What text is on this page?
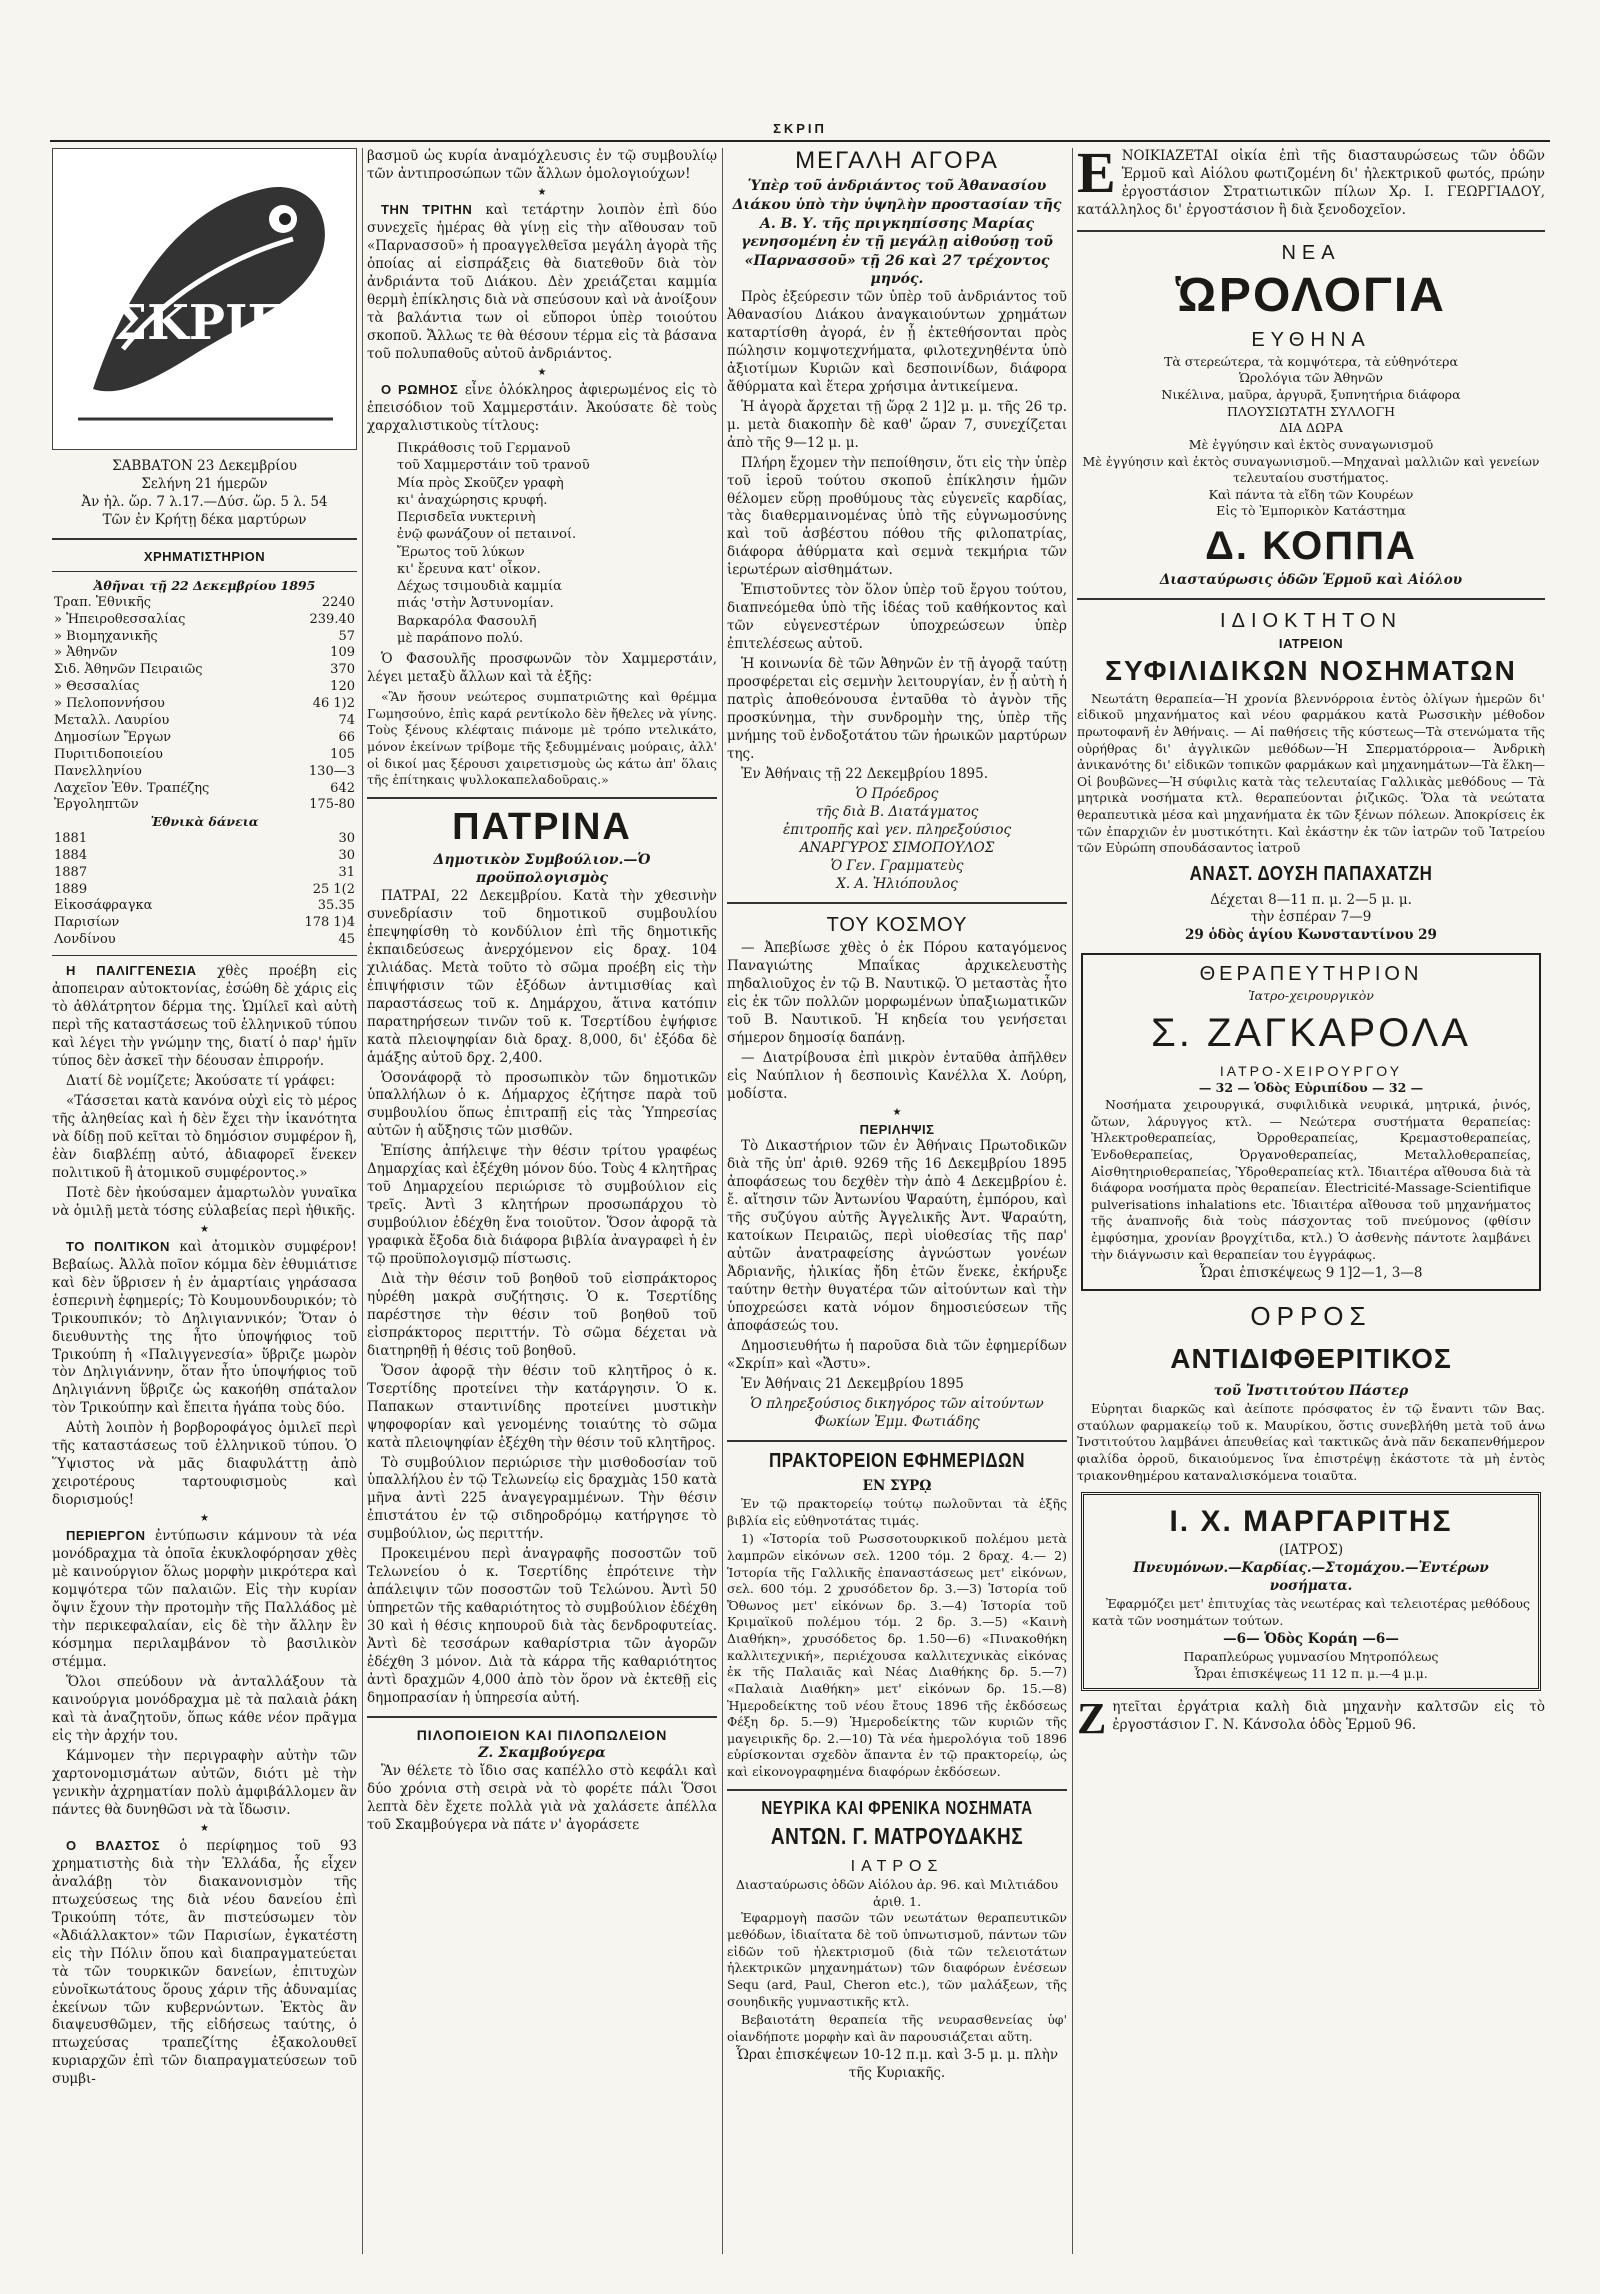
ΣΚΡΙΠ
ΣΚΡΙΠ
ΣΑΒΒΑΤΟΝ 23 Δεκεμβρίου
Σελήνη 21 ήμερῶν
Ἀν ἡλ. ὥρ. 7 λ.17.—Δύσ. ὥρ. 5 λ. 54
Τῶν ἐν Κρήτῃ δέκα μαρτύρων
ΧΡΗΜΑΤΙΣΤΗΡΙΟΝ
Ἀθῆναι τῇ 22 Δεκεμβρίου 1895
Τραπ. Ἐθνικῆς	2240
» Ἠπειροθεσσαλίας	239.40
» Βιομηχανικῆς	57
» Ἀθηνῶν	109
Σιδ. Ἀθηνῶν Πειραιῶς	370
» Θεσσαλίας	120
» Πελοποννήσου	46 1)2
Μεταλλ. Λαυρίου	74
Δημοσίων Ἔργων	66
Πυριτιδοποιείου	105
Πανελληνίου	130—3
Λαχεῖον Ἐθν. Τραπέζης	642
Ἐργοληπτῶν	175-80
Ἐθνικὰ δάνεια
1881	30
1884	30
1887	31
1889	25 1(2
Εἰκοσάφραγκα	35.35
Παρισίων	178 1)4
Λονδίνου	45

Η ΠΑΛΙΓΓΕΝΕΣΙΑ χθὲς προέβη εἰς ἀποπειραν αὐτοκτονίας, ἐσώθη δὲ χάρις εἰς τὸ ἀθλάτρητον δέρμα της. Ὡμίλεῖ καὶ αὐτὴ περὶ τῆς καταστάσεως τοῦ ἑλληνικοῦ τύπου καὶ λέγει τὴν γνώμην της, διατί ὁ παρ' ἡμῖν τύπος δὲν ἀσκεῖ τὴν δέουσαν ἐπιρροήν.

Διατί δὲ νομίζετε; Ἀκούσατε τί γράφει:

«Τάσσεται κατὰ κανόνα οὐχὶ εἰς τὸ μέρος τῆς ἀληθείας καὶ ἡ δὲν ἔχει τὴν ἱκανότητα νὰ δίδῃ ποῦ κεῖται τὸ δημόσιον συμφέρον ἢ, ἐὰν διαβλέπῃ αὐτό, ἀδιαφορεῖ ἕνεκεν πολιτικοῦ ἢ ἀτομικοῦ συμφέροντος.»

Ποτὲ δὲν ἠκούσαμεν ἀμαρτωλὸν γυναῖκα νὰ ὁμιλῇ μετὰ τόσης εὐλαβείας περὶ ἠθικῆς.

★

ΤΟ ΠΟΛΙΤΙΚΟΝ καὶ ἀτομικὸν συμφέρον! Βεβαίως. Ἀλλὰ ποῖον κόμμα δὲν ἐθυμιάτισε καὶ δὲν ὕβρισεν ἡ ἐν ἁμαρτίαις γηράσασα ἑσπερινὴ ἐφημερίς; Τὸ Κουμουνδουρικόν; τὸ Τρικουπικόν; τὸ Δηλιγιαννικόν; Ὅταν ὁ διευθυντὴς της ἦτο ὑποψήφιος τοῦ Τρικούπη ἡ «Παλιγγενεσία» ὕβριζε μωρὸν τὸν Δηλιγιάννην, ὅταν ἦτο ὑποψήφιος τοῦ Δηλιγιάννη ὕβριζε ὡς κακοήθη σπάταλον τὸν Τρικούπην καὶ ἔπειτα ἠγάπα τοὺς δύο.

Αὐτὴ λοιπὸν ἡ βορβοροφάγος ὁμιλεῖ περὶ τῆς καταστάσεως τοῦ ἑλληνικοῦ τύπου. Ὁ Ὕψιστος νὰ μᾶς διαφυλάττῃ ἀπὸ χειροτέρους ταρτουφισμοὺς καὶ διορισμούς!

★

ΠΕΡΙΕΡΓΟΝ ἐντύπωσιν κάμνουν τὰ νέα μονόδραχμα τὰ ὁποῖα ἐκυκλοφόρησαν χθὲς μὲ καινούργιον ὅλως μορφὴν μικρότερα καὶ κομψότερα τῶν παλαιῶν. Εἰς τὴν κυρίαν ὄψιν ἔχουν τὴν προτομὴν τῆς Παλλάδος μὲ τὴν περικεφαλαίαν, εἰς δὲ τὴν ἄλλην ἓν κόσμημα περιλαμβάνον τὸ βασιλικὸν στέμμα.

Ὅλοι σπεύδουν νὰ ἀνταλλάξουν τὰ καινούργια μονόδραχμα μὲ τὰ παλαιὰ ῥάκη καὶ τὰ ἀναζητοῦν, ὅπως κάθε νέον πρᾶγμα εἰς τὴν ἀρχήν του.

Κάμνομεν τὴν περιγραφὴν αὐτὴν τῶν χαρτονομισμάτων αὐτῶν, διότι μὲ τὴν γενικὴν ἀχρηματίαν πολὺ ἀμφιβάλλομεν ἂν πάντες θὰ δυνηθῶσι νὰ τὰ ἴδωσιν.

★

Ο ΒΛΑΣΤΟΣ ὁ περίφημος τοῦ 93 χρηματιστὴς διὰ τὴν Ἑλλάδα, ἧς εἶχεν ἀναλάβῃ τὸν διακανονισμὸν τῆς πτωχεύσεως της διὰ νέου δανείου ἐπὶ Τρικούπη τότε, ἂν πιστεύσωμεν τὸν «Ἀδιάλλακτον» τῶν Παρισίων, ἐγκατέστη εἰς τὴν Πόλιν ὅπου καὶ διαπραγματεύεται τὰ τῶν τουρκικῶν δανείων, ἐπιτυχὼν εὐνοῖκωτάτους ὅρους χάριν τῆς ἀδυναμίας ἐκείνων τῶν κυβερνώντων. Ἐκτὸς ἂν διαψευσθῶμεν, τῆς εἰδήσεως ταύτης, ὁ πτωχεύσας τραπεζίτης ἐξακολουθεῖ κυριαρχῶν ἐπὶ τῶν διαπραγματεύσεων τοῦ συμβι-

βασμοῦ ὡς κυρία ἀναμόχλευσις ἐν τῷ συμβουλίῳ τῶν ἀντιπροσώπων τῶν ἄλλων ὁμολογιούχων!

★

ΤΗΝ ΤΡΙΤΗΝ καὶ τετάρτην λοιπὸν ἐπὶ δύο συνεχεῖς ἡμέρας θὰ γίνῃ εἰς τὴν αἴθουσαν τοῦ «Παρνασσοῦ» ἡ προαγγελθεῖσα μεγάλη ἀγορὰ τῆς ὁποίας αἱ εἰσπράξεις θὰ διατεθοῦν διὰ τὸν ἀνδριάντα τοῦ Διάκου. Δὲν χρειάζεται καμμία θερμὴ ἐπίκλησις διὰ νὰ σπεύσουν καὶ νὰ ἀνοίξουν τὰ βαλάντια των οἱ εὔποροι ὑπὲρ τοιούτου σκοποῦ. Ἄλλως τε θὰ θέσουν τέρμα εἰς τὰ βάσανα τοῦ πολυπαθοῦς αὐτοῦ ἀνδριάντος.

★

Ο ΡΩΜΗΟΣ εἶνε ὁλόκληρος ἀφιερωμένος εἰς τὸ ἐπεισόδιον τοῦ Χαμμερστάιν. Ἀκούσατε δὲ τοὺς χαρχαλιστικοὺς τίτλους:

Πικράθοσις τοῦ Γερμανοῦ
τοῦ Χαμμερστάιν τοῦ τρανοῦ
Μία πρὸς Σκοῦζεν γραφὴ
κι' ἀναχώρησις κρυφή.
Περισδεῖα νυκτερινὴ
ἐνῷ φωνάζουν οἱ πεταινοί.
Ἔρωτος τοῦ λύκων
κι' ἔρευνα κατ' οἶκον.
Δέχως τσιμουδιὰ καμμία
πιάς 'στὴν Ἀστυνομίαν.
Βαρκαρόλα Φασουλῆ
μὲ παράπονο πολύ.

Ὁ Φασουλῆς προσφωνῶν τὸν Χαμμερστάιν, λέγει μεταξὺ ἄλλων καὶ τὰ ἑξῆς:

«Ἂν ἤσουν νεώτερος συμπατριῶτης καὶ θρέμμα Γωμησούνο, ἐπὶς καρά ρεντίκολο δὲν ἤθελες νὰ γίνης. Τοὺς ξένους κλέφταις πιάνομε μὲ τρόπο ντελικάτο, μόνον ἐκείνων τρίβομε τῆς ξεδυμμέναις μούραις, ἀλλ' οἱ δικοί μας ξέρουσι χαιρετισμοὺς ὡς κάτω ἀπ' ὅλαις τῆς ἐπίτηκαις ψυλλοκαπελαδοῦραις.»

ΠΑΤΡΙΝΑ
Δημοτικὸν Συμβούλιον.—Ὁ προϋπολογισμὸς

ΠΑΤΡΑΙ, 22 Δεκεμβρίου. Κατὰ τὴν χθεσινὴν συνεδρίασιν τοῦ δημοτικοῦ συμβουλίου ἐπεψηφίσθη τὸ κονδύλιον ἐπὶ τῆς δημοτικῆς ἐκπαιδεύσεως ἀνερχόμενον εἰς δραχ. 104 χιλιάδας. Μετὰ τοῦτο τὸ σῶμα προέβη εἰς τὴν ἐπιψήφισιν τῶν ἐξόδων ἀντιμισθίας καὶ παραστάσεως τοῦ κ. Δημάρχου, ἅτινα κατόπιν παρατηρήσεων τινῶν τοῦ κ. Τσερτίδου ἐψήφισε κατὰ πλειοψηφίαν διὰ δραχ. 8,000, δι' ἐξόδα δὲ ἁμάξης αὐτοῦ δρχ. 2,400.

Ὁσονάφορᾷ τὸ προσωπικὸν τῶν δημοτικῶν ὑπαλλήλων ὁ κ. Δήμαρχος ἐζήτησε παρὰ τοῦ συμβουλίου ὅπως ἐπιτραπῇ εἰς τὰς Ὑπηρεσίας αὐτῶν ἡ αὔξησις τῶν μισθῶν.

Ἐπίσης ἀπήλειψε τὴν θέσιν τρίτου γραφέως Δημαρχίας καὶ ἐξέχθη μόνον δύο. Τοὺς 4 κλητῆρας τοῦ Δημαρχείου περιώρισε τὸ συμβούλιον εἰς τρεῖς. Ἀντὶ 3 κλητήρων προσωπάρχου τὸ συμβούλιον ἐδέχθη ἕνα τοιοῦτον. Ὅσον ἀφορᾷ τὰ γραφικὰ ἔξοδα διὰ διάφορα βιβλία ἀναγραφεὶ ἡ ἐν τῷ προϋπολογισμῷ πίστωσις.

Διὰ τὴν θέσιν τοῦ βοηθοῦ τοῦ εἰσπράκτορος ηὑρέθη μακρὰ συζήτησις. Ὁ κ. Τσερτίδης παρέστησε τὴν θέσιν τοῦ βοηθοῦ τοῦ εἰσπράκτορος περιττήν. Τὸ σῶμα δέχεται νὰ διατηρηθῇ ἡ θέσις τοῦ βοηθοῦ.

Ὅσον ἀφορᾷ τὴν θέσιν τοῦ κλητῆρος ὁ κ. Τσερτίδης προτείνει τὴν κατάργησιν. Ὁ κ. Παπακων σταντινίδης προτείνει μυστικὴν ψηφοφορίαν καὶ γενομένης τοιαύτης τὸ σῶμα κατὰ πλειοψηφίαν ἐξέχθη τὴν θέσιν τοῦ κλητῆρος.

Τὸ συμβούλιον περιώρισε τὴν μισθοδοσίαν τοῦ ὑπαλλήλου ἐν τῷ Τελωνείῳ εἰς δραχμὰς 150 κατὰ μῆνα ἀντὶ 225 ἀναγεγραμμένων. Τὴν θέσιν ἐπιστάτου ἐν τῷ σιδηροδρόμῳ κατήργησε τὸ συμβούλιον, ὡς περιττήν.

Προκειμένου περὶ ἀναγραφῆς ποσοστῶν τοῦ Τελωνείου ὁ κ. Τσερτίδης ἐπρότεινε τὴν ἀπάλειψιν τῶν ποσοστῶν τοῦ Τελώνου. Ἀντὶ 50 ὑπηρετῶν τῆς καθαριότητος τὸ συμβούλιον ἐδέχθη 30 καὶ ἡ θέσις κηπουροῦ διὰ τὰς δενδροφυτείας. Ἀντὶ δὲ τεσσάρων καθαρίστρια τῶν ἀγορῶν ἐδέχθη 3 μόνον. Διὰ τὰ κάρρα τῆς καθαριότητος ἀντὶ δραχμῶν 4,000 ἀπὸ τὸν ὅρον νὰ ἐκτεθῇ εἰς δημοπρασίαν ἡ ὑπηρεσία αὐτή.

ΠΙΛΟΠΟΙΕΙΟΝ ΚΑΙ ΠΙΛΟΠΩΛΕΙΟΝ
Ζ. Σκαμβούγερα

Ἂν θέλετε τὸ ἴδιο σας καπέλλο στὸ κεφάλι καὶ δύο χρόνια στὴ σειρὰ νὰ τὸ φορέτε πάλι Ὅσοι λεπτὰ δὲν ἔχετε πολλὰ γιὰ νὰ χαλάσετε ἀπέλλα τοῦ Σκαμβούγερα νὰ πάτε ν' ἀγοράσετε

ΜΕΓΑΛΗ ΑΓΟΡΑ
Ὑπὲρ τοῦ ἀνδριάντος τοῦ Ἀθανασίου Διάκου ὑπὸ τὴν ὑψηλὴν προστασίαν τῆς Α. Β. Υ. τῆς πριγκηπίσσης Μαρίας γενησομένη ἐν τῇ μεγάλῃ αἰθούσῃ τοῦ «Παρνασσοῦ» τῇ 26 καὶ 27 τρέχοντος μηνός.

Πρὸς ἐξεύρεσιν τῶν ὑπὲρ τοῦ ἀνδριάντος τοῦ Ἀθανασίου Διάκου ἀναγκαιούντων χρημάτων καταρτίσθη ἀγορά, ἐν ᾗ ἐκτεθήσονται πρὸς πώλησιν κομψοτεχνήματα, φιλοτεχνηθέντα ὑπὸ ἀξιοτίμων Κυριῶν καὶ δεσποινίδων, διάφορα ἄθύρματα καὶ ἕτερα χρήσιμα ἀντικείμενα.

Ἡ ἀγορὰ ἄρχεται τῇ ὥρᾳ 2 1]2 μ. μ. τῆς 26 τρ. μ. μετὰ διακοπὴν δὲ καθ' ὥραν 7, συνεχίζεται ἀπὸ τῆς 9—12 μ. μ.

Πλήρη ἔχομεν τὴν πεποίθησιν, ὅτι εἰς τὴν ὑπὲρ τοῦ ἱεροῦ τούτου σκοποῦ ἐπίκλησιν ἡμῶν θέλομεν εὕρῃ προθύμους τὰς εὐγενεῖς καρδίας, τὰς διαθερμαινομένας ὑπὸ τῆς εὐγνωμοσύνης καὶ τοῦ ἀσβέστου πόθου τῆς φιλοπατρίας, διάφορα ἀθύρματα καὶ σεμνὰ τεκμήρια τῶν ἱερωτέρων αἰσθημάτων.

Ἐπιστοῦντες τὸν ὅλον ὑπὲρ τοῦ ἔργου τούτου, διαπνεόμεθα ὑπὸ τῆς ἰδέας τοῦ καθήκοντος καὶ τῶν εὐγενεστέρων ὑποχρεώσεων ὑπὲρ ἐπιτελέσεως αὐτοῦ.

Ἡ κοινωνία δὲ τῶν Ἀθηνῶν ἐν τῇ ἀγορᾷ ταύτῃ προσφέρεται εἰς σεμνὴν λειτουργίαν, ἐν ᾗ αὐτὴ ἡ πατρὶς ἀποθεόνουσα ἐνταῦθα τὸ ἀγνὸν τῆς προσκύνημα, τὴν συνδρομὴν της, ὑπὲρ τῆς μνήμης τοῦ ἐνδοξοτάτου τῶν ἡρωικῶν μαρτύρων της.

Ἐν Ἀθήναις τῇ 22 Δεκεμβρίου 1895.

Ὁ Πρόεδρος
τῆς διὰ Β. Διατάγματος
ἐπιτροπῆς καὶ γεν. πληρεξούσιος
ΑΝΑΡΓΥΡΟΣ ΣΙΜΟΠΟΥΛΟΣ
Ὁ Γεν. Γραμματεὺς
Χ. Α. Ἠλιόπουλος
ΤΟΥ ΚΟΣΜΟΥ

— Ἀπεβίωσε χθὲς ὁ ἐκ Πόρου καταγόμενος Παναγιώτης Μπαΐκας ἀρχικελευστὴς πηδαλιοῦχος ἐν τῷ Β. Ναυτικῷ. Ὁ μεταστὰς ἦτο εἰς ἐκ τῶν πολλῶν μορφωμένων ὑπαξιωματικῶν τοῦ Β. Ναυτικοῦ. Ἡ κηδεία του γενήσεται σήμερον δημοσίᾳ δαπάνῃ.

— Διατρίβουσα ἐπὶ μικρὸν ἐνταῦθα ἀπῆλθεν εἰς Ναύπλιον ἡ δεσποινὶς Κανέλλα Χ. Λούρη, μοδίστα.

★
ΠΕΡΙΛΗΨΙΣ

Τὸ Δικαστήριον τῶν ἐν Ἀθήναις Πρωτοδικῶν διὰ τῆς ὑπ' ἀριθ. 9269 τῆς 16 Δεκεμβρίου 1895 ἀποφάσεως του δεχθὲν τὴν ἀπὸ 4 Δεκεμβρίου ἐ. ἔ. αἴτησιν τῶν Ἀντωνίου Ψαραύτη, ἐμπόρου, καὶ τῆς συζύγου αὐτῆς Ἀγγελικῆς Ἀντ. Ψαραύτη, κατοίκων Πειραιῶς, περὶ υἱοθεσίας τῆς παρ' αὐτῶν ἀνατραφείσης ἀγνώστων γονέων Ἀδριανῆς, ἠλικίας ἤδη ἐτῶν ἕνεκε, ἐκήρυξε ταύτην θετὴν θυγατέρα τῶν αἰτούντων καὶ τὴν ὑποχρεώσει κατὰ νόμον δημοσιεύσεων τῆς ἀποφάσεώς του.

Δημοσιευθήτω ἡ παροῦσα διὰ τῶν ἐφημερίδων «Σκρίπ» καὶ «Ἄστυ».

Ἐν Ἀθήναις 21 Δεκεμβρίου 1895

Ὁ πληρεξούσιος δικηγόρος τῶν αἰτούντων
Φωκίων Ἐμμ. Φωτιάδης
ΠΡΑΚΤΟΡΕΙΟΝ ΕΦΗΜΕΡΙΔΩΝ
ΕΝ ΣΥΡῼ

Ἐν τῷ πρακτορείῳ τούτῳ πωλοῦνται τὰ ἑξῆς βιβλία εἰς εὐθηνοτάτας τιμάς.

1) «Ἱστορία τοῦ Ρωσσοτουρκικοῦ πολέμου μετὰ λαμπρῶν εἰκόνων σελ. 1200 τόμ. 2 δραχ. 4.— 2) Ἱστορία τῆς Γαλλικῆς ἐπαναστάσεως μετ' εἰκόνων, σελ. 600 τόμ. 2 χρυσόδετον δρ. 3.—3) Ἱστορία τοῦ Ὄθωνος μετ' εἰκόνων δρ. 3.—4) Ἱστορία τοῦ Κριμαϊκοῦ πολέμου τόμ. 2 δρ. 3.—5) «Καινὴ Διαθήκη», χρυσόδετος δρ. 1.50—6) «Πινακοθήκη καλλιτεχνική», περιέχουσα καλλιτεχνικὰς εἰκόνας ἐκ τῆς Παλαιᾶς καὶ Νέας Διαθήκης δρ. 5.—7) «Παλαιὰ Διαθήκη» μετ' εἰκόνων δρ. 15.—8) Ἡμεροδείκτης τοῦ νέου ἔτους 1896 τῆς ἐκδόσεως Φέξη δρ. 5.—9) Ἡμεροδείκτης τῶν κυριῶν τῆς μαγειρικῆς δρ. 2.—10) Τὰ νέα ἡμερολόγια τοῦ 1896 εὑρίσκονται σχεδὸν ἅπαντα ἐν τῷ πρακτορείῳ, ὡς καὶ εἰκονογραφημένα διαφόρων ἐκδόσεων.

ΝΕΥΡΙΚΑ ΚΑΙ ΦΡΕΝΙΚΑ ΝΟΣΗΜΑΤΑ
ΑΝΤΩΝ. Γ. ΜΑΤΡΟΥΔΑΚΗΣ
ΙΑΤΡΟΣ
Διασταύρωσις ὁδῶν Αἰόλου ἀρ. 96. καὶ Μιλτιάδου ἀριθ. 1.

Ἐφαρμογὴ πασῶν τῶν νεωτάτων θεραπευτικῶν μεθόδων, ἰδιαίτατα δὲ τοῦ ὑπνωτισμοῦ, πάντων τῶν εἰδῶν τοῦ ἠλεκτρισμοῦ (διὰ τῶν τελειοτάτων ἠλεκτρικῶν μηχανημάτων) τῶν διαφόρων ἐνέσεων Sequ (ard, Paul, Cheron etc.), τῶν μαλάξεων, τῆς σουηδικῆς γυμναστικῆς κτλ.

Βεβαιοτάτη θεραπεία τῆς νευρασθενείας ὑφ' οἱανδήποτε μορφὴν καὶ ἂν παρουσιάζεται αὕτη.

Ὧραι ἐπισκέψεων 10-12 π.μ. καὶ 3-5 μ. μ. πλὴν τῆς Κυριακῆς.
Ε ΝΟΙΚΙΑΖΕΤΑΙ οἰκία ἐπὶ τῆς διασταυρώσεως τῶν ὁδῶν Ἑρμοῦ καὶ Αἰόλου φωτιζομένη δι' ἠλεκτρικοῦ φωτός, πρώην ἐργοστάσιον Στρατιωτικῶν πίλων Χρ. Ι. ΓΕΩΡΓΙΑΔΟΥ, κατάλληλος δι' ἐργοστάσιον ἢ διὰ ξενοδοχεῖον.

ΝΕΑ
ὩΡΟΛΟΓΙΑ
ΕΥΘΗΝΑ
Τὰ στερεώτερα, τὰ κομψότερα, τὰ εὐθηνότερα
Ὡρολόγια τῶν Ἀθηνῶν
Νικέλινα, μαῦρα, ἀργυρᾶ, ξυπνητήρια διάφορα
ΠΛΟΥΣΙΩΤΑΤΗ ΣΥΛΛΟΓΗ
ΔΙΑ ΔΩΡΑ
Μὲ ἐγγύησιν καὶ ἐκτὸς συναγωνισμοῦ
Μὲ ἐγγύησιν καὶ ἐκτὸς συναγωνισμοῦ.—Μηχαναὶ μαλλιῶν καὶ γενείων τελευταίου συστήματος.
Καὶ πάντα τὰ εἴδη τῶν Κουρέων
Εἰς τὸ Ἐμπορικὸν Κατάστημα
Δ. ΚΟΠΠΑ
Διασταύρωσις ὁδῶν Ἑρμοῦ καὶ Αἰόλου
ΙΔΙΟΚΤΗΤΟΝ
ΙΑΤΡΕΙΟΝ
ΣΥΦΙΛΙΔΙΚΩΝ ΝΟΣΗΜΑΤΩΝ

Νεωτάτη θεραπεία—Ἡ χρονία βλεννόρροια ἐντὸς ὀλίγων ἡμερῶν δι' εἰδικοῦ μηχανήματος καὶ νέου φαρμάκου κατὰ Ρωσσικὴν μέθοδον πρωτοφανῆ ἐν Ἀθήναις. — Αἱ παθήσεις τῆς κύστεως—Τὰ στενώματα τῆς οὐρήθρας δι' ἀγγλικῶν μεθόδων—Ἡ Σπερματόρροια— Ἀνδρικὴ ἀνικανότης δι' εἰδικῶν τοπικῶν φαρμάκων καὶ μηχανημάτων—Τὰ ἕλκη—Οἱ βουβῶνες—Ἡ σύφιλις κατὰ τὰς τελευταίας Γαλλικὰς μεθόδους — Τὰ μητρικὰ νοσήματα κτλ. θεραπεύονται ῥιζικῶς. Ὅλα τὰ νεώτατα θεραπευτικὰ μέσα καὶ μηχανήματα ἐκ τῶν ξένων πόλεων. Ἀποκρίσεις ἐκ τῶν ἐπαρχιῶν ἐν μυστικότητι. Καὶ ἐκάστην ἐκ τῶν ἰατρῶν τοῦ Ἰατρείου τῶν Εὐρώπη σπουδάσαντος ἰατροῦ

ΑΝΑΣΤ. ΔΟΥΣΗ ΠΑΠΑΧΑΤΖΗ
Δέχεται 8—11 π. μ. 2—5 μ. μ.
τὴν ἑσπέραν 7—9
29 ὁδὸς ἁγίου Κωνσταντίνου 29
ΘΕΡΑΠΕΥΤΗΡΙΟΝ
Ἰατρο-χειρουργικὸν
Σ. ΖΑΓΚΑΡΟΛΑ
ΙΑΤΡΟ-ΧΕΙΡΟΥΡΓΟΥ
— 32 — Ὁδὸς Εὐριπίδου — 32 —

Νοσήματα χειρουργικά, συφιλιδικὰ νευρικά, μητρικά, ῥινός, ὤτων, λάρυγγος κτλ. — Νεώτερα συστήματα θεραπείας: Ἠλεκτροθεραπείας, Ὀρροθεραπείας, Κρεμαστοθεραπείας, Ἐνδοθεραπείας, Ὀργανοθεραπείας, Μεταλλοθεραπείας, Αἰσθητηριοθεραπείας, Ὑδροθεραπείας κτλ. Ἰδιαιτέρα αἴθουσα διὰ τὰ διάφορα νοσήματα πρὸς θεραπείαν. Électricité-Massage-Scientifique pulverisations inhalations etc. Ἰδιαιτέρα αἴθουσα τοῦ μηχανήματος τῆς ἀναπνοῆς διὰ τοὺς πάσχοντας τοῦ πνεύμονος (φθίσιν ἐμφύσημα, χρονίαν βρογχίτιδα, κτλ.) Ὁ ἀσθενὴς πάντοτε λαμβάνει τὴν διάγνωσιν καὶ θεραπείαν του ἐγγράφως.

Ὧραι ἐπισκέψεως 9 1]2—1, 3—8
ΟΡΡΟΣ
ΑΝΤΙΔΙΦΘΕΡΙΤΙΚΟΣ
τοῦ Ἰνστιτούτου Πάστερ

Εὑρηται διαρκῶς καὶ ἀείποτε πρόσφατος ἐν τῷ ἔναντι τῶν Βας. σταύλων φαρμακείῳ τοῦ κ. Μαυρίκου, ὅστις συνεβλήθη μετὰ τοῦ ἀνω Ἰνστιτούτου λαμβάνει ἀπευθείας καὶ τακτικῶς ἀνὰ πᾶν δεκαπενθήμερον φιαλίδα ὀρροῦ, δικαιούμενος ἵνα ἐπιστρέψῃ ἑκάστοτε τὰ μὴ ἐντὸς τριακονθημέρου καταναλισκόμενα τοιαῦτα.

Ι. Χ. ΜΑΡΓΑΡΙΤΗΣ
(ΙΑΤΡΟΣ)
Πνευμόνων.—Καρδίας.—Στομάχου.—Ἐντέρων νοσήματα.

Ἐφαρμόζει μετ' ἐπιτυχίας τὰς νεωτέρας καὶ τελειοτέρας μεθόδους κατὰ τῶν νοσημάτων τούτων.

—6— Ὁδὸς Κοράη —6—
Παραπλεύρως γυμνασίου Μητροπόλεως
Ὧραι ἐπισκέψεως 11 12 π. μ.—4 μ.μ.
Ζ ητεῖται ἐργάτρια καλὴ διὰ μηχανὴν καλτσῶν εἰς τὸ ἐργοστάσιον Γ. Ν. Κάνσολα ὁδὸς Ἑρμοῦ 96.
